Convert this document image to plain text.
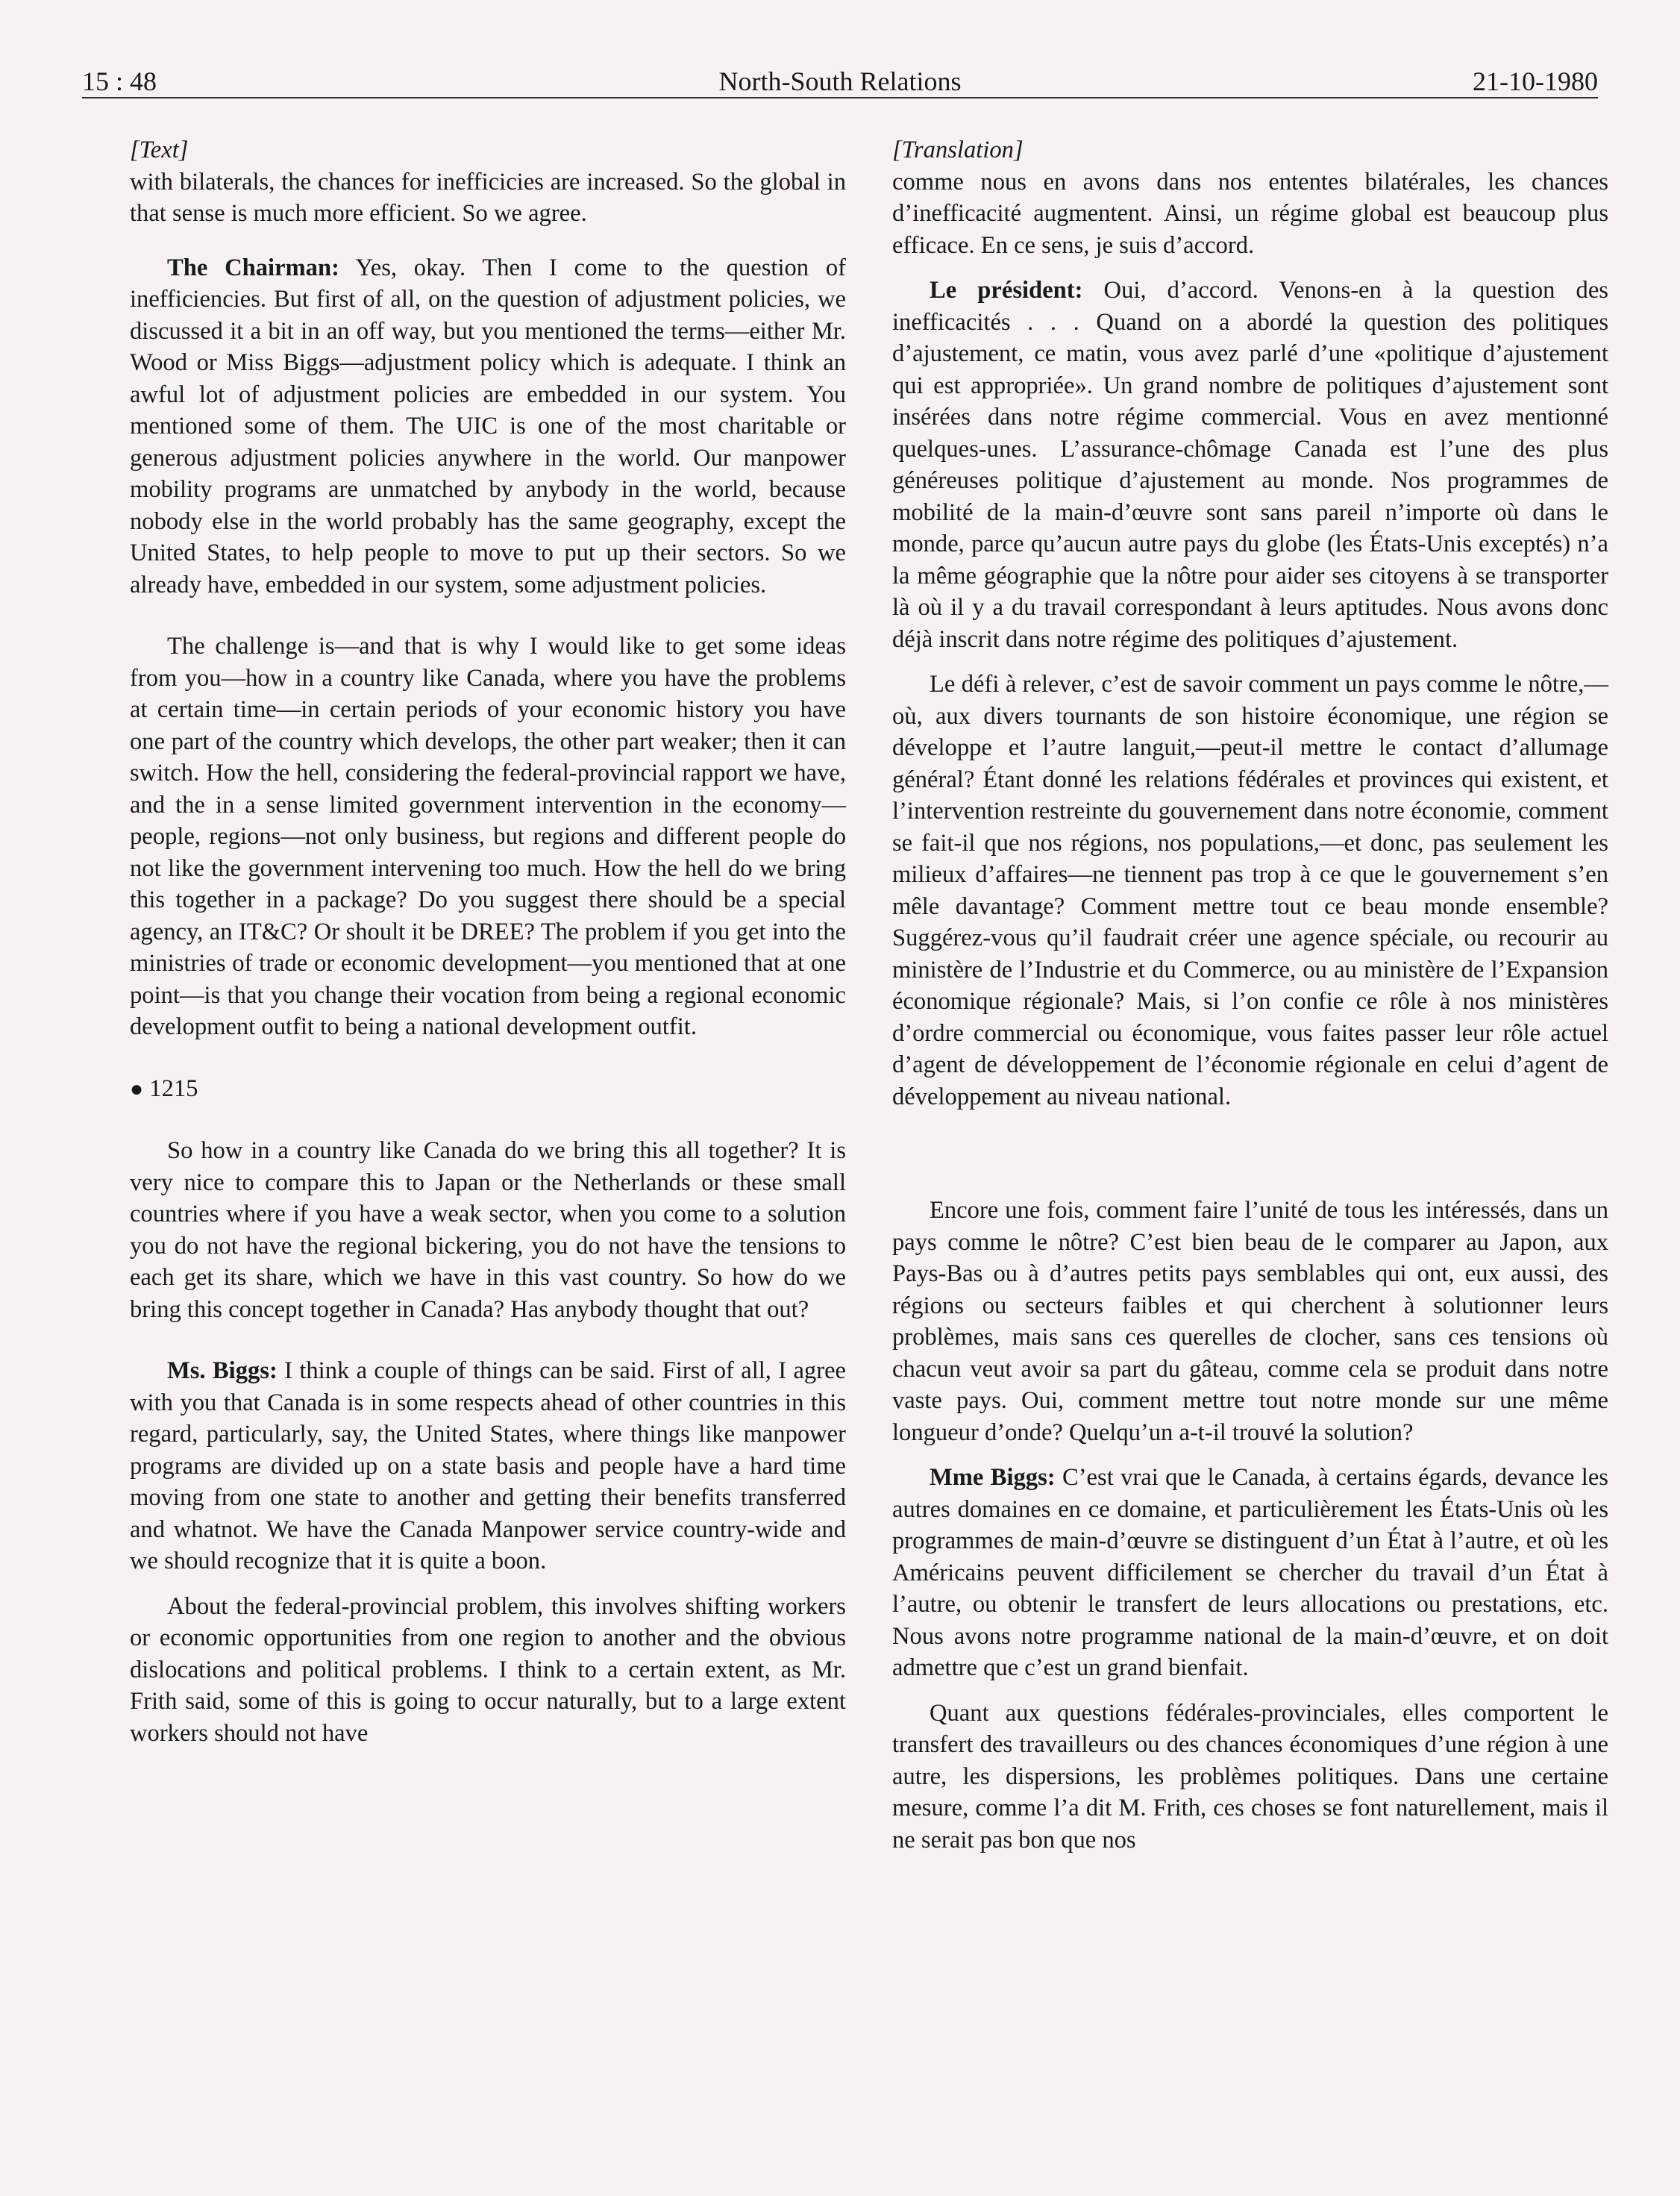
15 : 48	North-South Relations	21-10-1980

[Text]

with bilaterals, the chances for inefficicies are increased. So the global in that sense is much more efficient. So we agree.

The Chairman: Yes, okay. Then I come to the question of inefficiencies. But first of all, on the question of adjustment policies, we discussed it a bit in an off way, but you mentioned the terms—either Mr. Wood or Miss Biggs—adjustment policy which is adequate. I think an awful lot of adjustment policies are embedded in our system. You mentioned some of them. The UIC is one of the most charitable or generous adjustment policies anywhere in the world. Our manpower mobility programs are unmatched by anybody in the world, because nobody else in the world probably has the same geography, except the United States, to help people to move to put up their sectors. So we already have, embedded in our system, some adjustment policies.

The challenge is—and that is why I would like to get some ideas from you—how in a country like Canada, where you have the problems at certain time—in certain periods of your economic history you have one part of the country which develops, the other part weaker; then it can switch. How the hell, considering the federal-provincial rapport we have, and the in a sense limited government intervention in the economy—people, regions—not only business, but regions and different people do not like the government intervening too much. How the hell do we bring this together in a package? Do you suggest there should be a special agency, an IT&C? Or shoult it be DREE? The problem if you get into the ministries of trade or economic development—you mentioned that at one point—is that you change their vocation from being a regional economic development outfit to being a national development outfit.

● 1215

So how in a country like Canada do we bring this all together? It is very nice to compare this to Japan or the Netherlands or these small countries where if you have a weak sector, when you come to a solution you do not have the regional bickering, you do not have the tensions to each get its share, which we have in this vast country. So how do we bring this concept together in Canada? Has anybody thought that out?

Ms. Biggs: I think a couple of things can be said. First of all, I agree with you that Canada is in some respects ahead of other countries in this regard, particularly, say, the United States, where things like manpower programs are divided up on a state basis and people have a hard time moving from one state to another and getting their benefits transferred and whatnot. We have the Canada Manpower service country-wide and we should recognize that it is quite a boon.

About the federal-provincial problem, this involves shifting workers or economic opportunities from one region to another and the obvious dislocations and political problems. I think to a certain extent, as Mr. Frith said, some of this is going to occur naturally, but to a large extent workers should not have

[Translation]

comme nous en avons dans nos ententes bilatérales, les chances d’inefficacité augmentent. Ainsi, un régime global est beaucoup plus efficace. En ce sens, je suis d’accord.

Le président: Oui, d’accord. Venons-en à la question des inefficacités . . . Quand on a abordé la question des politiques d’ajustement, ce matin, vous avez parlé d’une «politique d’ajustement qui est appropriée». Un grand nombre de politiques d’ajustement sont insérées dans notre régime commercial. Vous en avez mentionné quelques-unes. L’assurance-chômage Canada est l’une des plus généreuses politique d’ajustement au monde. Nos programmes de mobilité de la main-d’œuvre sont sans pareil n’importe où dans le monde, parce qu’aucun autre pays du globe (les États-Unis exceptés) n’a la même géographie que la nôtre pour aider ses citoyens à se transporter là où il y a du travail correspondant à leurs aptitudes. Nous avons donc déjà inscrit dans notre régime des politiques d’ajustement.

Le défi à relever, c’est de savoir comment un pays comme le nôtre,—où, aux divers tournants de son histoire économique, une région se développe et l’autre languit,—peut-il mettre le contact d’allumage général? Étant donné les relations fédérales et provinces qui existent, et l’intervention restreinte du gouvernement dans notre économie, comment se fait-il que nos régions, nos populations,—et donc, pas seulement les milieux d’affaires—ne tiennent pas trop à ce que le gouvernement s’en mêle davantage? Comment mettre tout ce beau monde ensemble? Suggérez-vous qu’il faudrait créer une agence spéciale, ou recourir au ministère de l’Industrie et du Commerce, ou au ministère de l’Expansion économique régionale? Mais, si l’on confie ce rôle à nos ministères d’ordre commercial ou économique, vous faites passer leur rôle actuel d’agent de développement de l’économie régionale en celui d’agent de développement au niveau national.

Encore une fois, comment faire l’unité de tous les intéressés, dans un pays comme le nôtre? C’est bien beau de le comparer au Japon, aux Pays-Bas ou à d’autres petits pays semblables qui ont, eux aussi, des régions ou secteurs faibles et qui cherchent à solutionner leurs problèmes, mais sans ces querelles de clocher, sans ces tensions où chacun veut avoir sa part du gâteau, comme cela se produit dans notre vaste pays. Oui, comment mettre tout notre monde sur une même longueur d’onde? Quelqu’un a-t-il trouvé la solution?

Mme Biggs: C’est vrai que le Canada, à certains égards, devance les autres domaines en ce domaine, et particulièrement les États-Unis où les programmes de main-d’œuvre se distinguent d’un État à l’autre, et où les Américains peuvent difficilement se chercher du travail d’un État à l’autre, ou obtenir le transfert de leurs allocations ou prestations, etc. Nous avons notre programme national de la main-d’œuvre, et on doit admettre que c’est un grand bienfait.

Quant aux questions fédérales-provinciales, elles comportent le transfert des travailleurs ou des chances économiques d’une région à une autre, les dispersions, les problèmes politiques. Dans une certaine mesure, comme l’a dit M. Frith, ces choses se font naturellement, mais il ne serait pas bon que nos
